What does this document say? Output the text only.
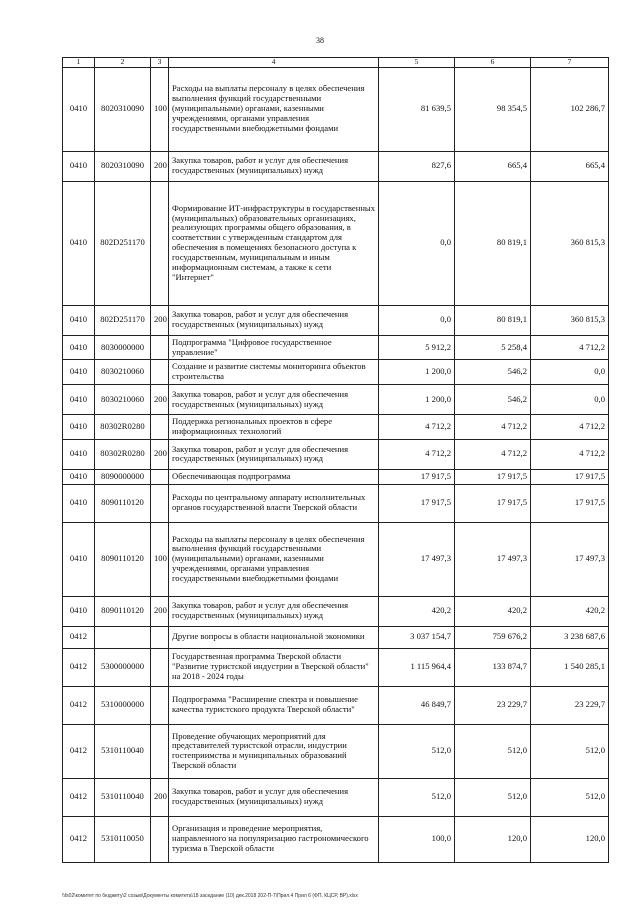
38
1	2	3	4	5	6	7
0410	8020310090	100	Расходы на выплаты персоналу в целях обеспечения выполнения функций государственными (муниципальными) органами, казенными учреждениями, органами управления государственными внебюджетными фондами	81 639,5	98 354,5	102 286,7
0410	8020310090	200	Закупка товаров, работ и услуг для обеспечения государственных (муниципальных) нужд	827,6	665,4	665,4
0410	802D251170		Формирование ИТ-инфраструктуры в государственных (муниципальных) образовательных организациях, реализующих программы общего образования, в соответствии с утвержденным стандартом для обеспечения в помещениях безопасного доступа к государственным, муниципальным и иным информационным системам, а также к сети "Интернет"	0,0	80 819,1	360 815,3
0410	802D251170	200	Закупка товаров, работ и услуг для обеспечения государственных (муниципальных) нужд	0,0	80 819,1	360 815,3
0410	8030000000		Подпрограмма "Цифровое государственное управление"	5 912,2	5 258,4	4 712,2
0410	8030210060		Создание и развитие системы мониторинга объектов строительства	1 200,0	546,2	0,0
0410	8030210060	200	Закупка товаров, работ и услуг для обеспечения государственных (муниципальных) нужд	1 200,0	546,2	0,0
0410	80302R0280		Поддержка региональных проектов в сфере информационных технологий	4 712,2	4 712,2	4 712,2
0410	80302R0280	200	Закупка товаров, работ и услуг для обеспечения государственных (муниципальных) нужд	4 712,2	4 712,2	4 712,2
0410	8090000000		Обеспечивающая подпрограмма	17 917,5	17 917,5	17 917,5
0410	8090110120		Расходы по центральному аппарату исполнительных органов государственной власти Тверской области	17 917,5	17 917,5	17 917,5
0410	8090110120	100	Расходы на выплаты персоналу в целях обеспечения выполнения функций государственными (муниципальными) органами, казенными учреждениями, органами управления государственными внебюджетными фондами	17 497,3	17 497,3	17 497,3
0410	8090110120	200	Закупка товаров, работ и услуг для обеспечения государственных (муниципальных) нужд	420,2	420,2	420,2
0412			Другие вопросы в области национальной экономики	3 037 154,7	759 676,2	3 238 687,6
0412	5300000000		Государственная программа Тверской области "Развитие туристской индустрии в Тверской области" на 2018 - 2024 годы	1 115 964,4	133 874,7	1 540 285,1
0412	5310000000		Подпрограмма "Расширение спектра и повышение качества туристского продукта Тверской области"	46 849,7	23 229,7	23 229,7
0412	5310110040		Проведение обучающих мероприятий для представителей туристской отрасли, индустрии гостеприимства и муниципальных образований Тверской области	512,0	512,0	512,0
0412	5310110040	200	Закупка товаров, работ и услуг для обеспечения государственных (муниципальных) нужд	512,0	512,0	512,0
0412	5310110050		Организация и проведение мероприятия, направленного на популяризацию гастрономического туризма в Тверской области	100,0	120,0	120,0
\\fs02\комитет по бюджету\2 созыв\Документы комитета\18 заседание (10) дек.2018 202-П-7\Прил.4 Прил 6 (ФП, КЦСР, ВР).xlsx
